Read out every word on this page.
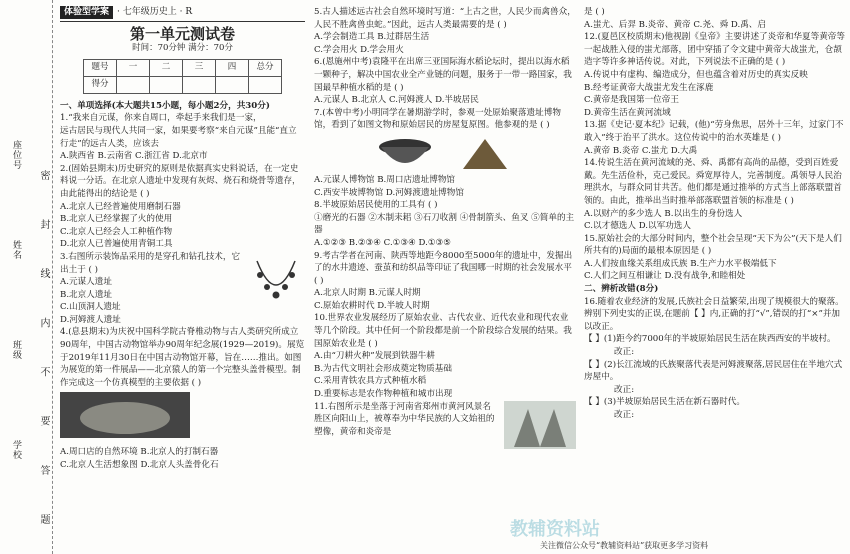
学校
班级
姓名
座位号
密 封 线 内 不 要 答 题
体验型学案 · 七年级历史上 · R
第一单元测试卷
时间：70分钟 满分：70分
题号	一	二	三	四	总分
得分					
一、单项选择(本大题共15小题，每小题2分，共30分)
1.“我来自元谋，你来自周口，牵起手来我们是一家，
远古居民与现代人共同一家，如果要考察“来自元谋”且能“直立行走”的远古人类，应该去
A.陕西省 B.云南省 C.浙江省 D.北京市
2.(固始县期末)历史研究的原则是依据真实史料说话，在一定史料说一分话。在北京人遗址中发现有灰烬、烧石和烧骨等遗存，由此能得出的结论是 ( )
A.北京人已经普遍使用磨制石器
B.北京人已经掌握了火的使用
C.北京人已经会人工种植作物
D.北京人已普遍使用青铜工具
3.右图所示装饰品采用的是穿孔和钻孔技术，它出土于 ( )
A.元谋人遗址
B.北京人遗址
C.山顶洞人遗址
D.河姆渡人遗址
4.(息县期末)为庆祝中国科学院古脊椎动物与古人类研究所成立90周年，中国古动物馆举办90周年纪念展(1929—2019)。展览于2019年11月30日在中国古动物馆开幕，旨在……推出。如图为展览的第一件展品——北京猿人的第一个完整头盖骨模型。制作完成这一个仿真模型的主要依据 ( )
A.周口店的自然环境 B.北京人的打制石器
C.北京人生活想象图 D.北京人头盖骨化石
5.古人描述远古社会自然环境时写道：“上古之世，人民少而禽兽众，人民不胜禽兽虫蛇。”因此，远古人类最需要的是 ( )
A.学会制造工具 B.过群居生活
C.学会用火 D.学会用火
6.(恩施州中考)袁隆平在出席三亚国际海水稻论坛时，提出以海水稻一颗种子，解决中国农业全产业链的问题，服务于一带一路国家，我国最早种植水稻的是 ( )
A.元谋人 B.北京人 C.河姆渡人 D.半坡居民
7.(本曾中考)小明同学在暑期游学时，参观一处原始聚落遗址博物馆，看到了如图文物和原始居民的房屋复原图。他参观的是 ( )
A.元谋人博物馆 B.周口店遗址博物馆
C.西安半坡博物馆 D.河姆渡遗址博物馆
8.半坡原始居民使用的工具有 ( )
①磨光的石器 ②木制耒耜 ③石刀收割 ④骨制箭头、鱼叉 ⑤简单的主器
A.①②③ B.②③④ C.①③④ D.①③⑤
9.考古学者在河南、陕西等地距今8000至5000年的遗址中，发掘出了的水井遗迹、蚕茧和纺织品等印证了我国哪一时期的社会发展水平 ( )
A.北京人时期 B.元谋人时期
C.原始农耕时代 D.半坡人时期
10.世界农业发展经历了原始农业、古代农业、近代农业和现代农业等几个阶段。其中任何一个阶段都是前一个阶段综合发展的结果。我国原始农业是 ( )
A.由“刀耕火种”发展到铁器牛耕
B.为古代文明社会形成奠定物质基础
C.采用青铁农具方式种植水稻
D.重要标志是农作物种植和城市出现
11.右图所示是坐落于河南省郑州市黄河风景名胜区向阳山上，被尊奉为中华民族的人文始祖的塑像，黄帝和炎帝是
是 ( )
A.蚩尤、后羿 B.炎帝、黄帝 C.尧、舜 D.禹、启
12.(夏邑区校质期末)他视剧《皇帝》主要讲述了炎帝和华夏等黄帝等一起战胜入侵的蚩尤部落，团中穿插了令文建中黄帝大战蚩尤，仓颉造字等许多神话传说。对此，下列说法不正确的是 ( )
A.传说中有虚构、编造成分，但也蕴含着对历史的真实反映
B.经考证黄帝大战蚩尤发生在涿鹿
C.黄帝是我国第一位帝王
D.黄帝生活在黄河流域
13.据《史记·夏本纪》记载，(他)“劳身焦思，居外十三年，过家门不敢入”终于治平了洪水。这位传说中的治水英雄是 ( )
A.黄帝 B.炎帝 C.蚩尤 D.大禹
14.传说生活在黄河流域的尧、舜、禹都有高尚的品德，受到百姓爱戴。先生活俭朴，克己爱民。舜宽厚待人，完善制度。禹领导人民治理洪水，与群众同甘共苦。他们都是通过推举的方式当上部落联盟首领的。由此，推举出当时推举部落联盟首领的标准是 ( )
A.以财产的多少选人 B.以出生的身份选人
C.以才德选人 D.以军功选人
15.原始社会的大部分时间内，整个社会呈现“天下为公”(天下是人们所共有的)局面的最根本原因是 ( )
A.人们按血缘关系组成氏族 B.生产力水平极端低下
C.人们之间互相谦让 D.没有战争,和睦相处
二、辨析改错(8分)
16.随着农业经济的发展,氏族社会日益繁荣,出现了规模很大的聚落。辨别下列史实的正误,在题前【 】内,正确的打“√”,错误的打“×”并加以改正。
【 】(1)距今约7000年的半坡原始居民生活在陕西西安的半坡村。
改正:
【 】(2)长江流域的氏族聚落代表是河姆渡聚落,居民居住在半地穴式房屋中。
改正:
【 】(3)半坡原始居民生活在新石器时代。
改正:
教辅资料站
关注微信公众号“教辅资料站”获取更多学习资料
